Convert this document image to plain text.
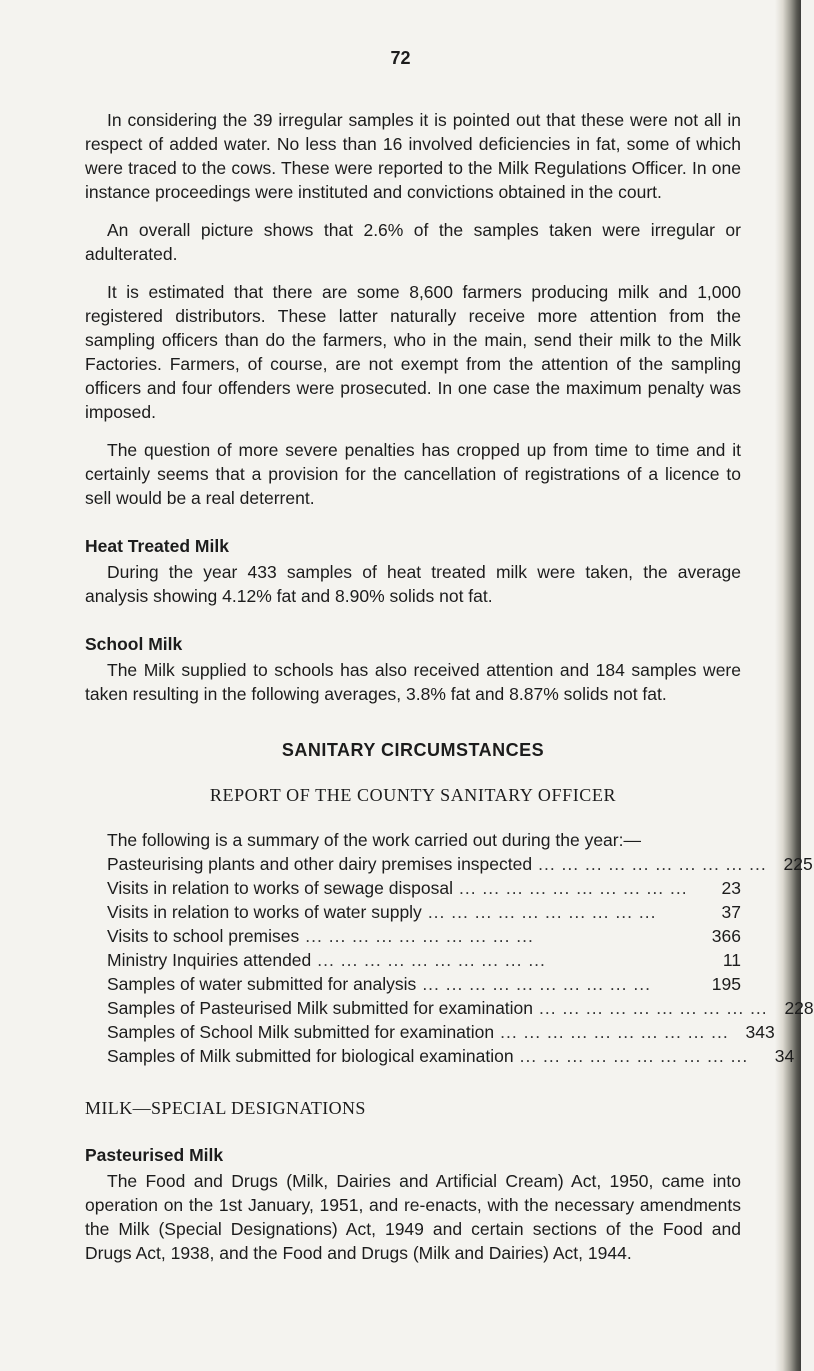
72

In considering the 39 irregular samples it is pointed out that these were not all in respect of added water. No less than 16 involved deficiencies in fat, some of which were traced to the cows. These were reported to the Milk Regulations Officer. In one instance proceedings were instituted and convictions obtained in the court.

An overall picture shows that 2.6% of the samples taken were irregular or adulterated.

It is estimated that there are some 8,600 farmers producing milk and 1,000 registered distributors. These latter naturally receive more attention from the sampling officers than do the farmers, who in the main, send their milk to the Milk Factories. Farmers, of course, are not exempt from the attention of the sampling officers and four offenders were prosecuted. In one case the maximum penalty was imposed.

The question of more severe penalties has cropped up from time to time and it certainly seems that a provision for the cancellation of registrations of a licence to sell would be a real deterrent.

Heat Treated Milk

During the year 433 samples of heat treated milk were taken, the average analysis showing 4.12% fat and 8.90% solids not fat.

School Milk

The Milk supplied to schools has also received attention and 184 samples were taken resulting in the following averages, 3.8% fat and 8.87% solids not fat.

SANITARY CIRCUMSTANCES
REPORT OF THE COUNTY SANITARY OFFICER
The following is a summary of the work carried out during the year:—
Pasteurising plants and other dairy premises inspected ... ... ... ... ... ... ... ... ... ... 225
Visits in relation to works of sewage disposal ... ... ... ... ... ... ... ... ... ...	23
Visits in relation to works of water supply ... ... ... ... ... ... ... ... ... ...	37
Visits to school premises ... ... ... ... ... ... ... ... ... ...	366
Ministry Inquiries attended ... ... ... ... ... ... ... ... ... ...	11
Samples of water submitted for analysis ... ... ... ... ... ... ... ... ... ...	195
Samples of Pasteurised Milk submitted for examination ... ... ... ... ... ... ... ... ... ... 228
Samples of School Milk submitted for examination ... ... ... ... ... ... ... ... ... ... 343
Samples of Milk submitted for biological examination ... ... ... ... ... ... ... ... ... ...	34
MILK—SPECIAL DESIGNATIONS
Pasteurised Milk

The Food and Drugs (Milk, Dairies and Artificial Cream) Act, 1950, came into operation on the 1st January, 1951, and re-enacts, with the necessary amendments the Milk (Special Designations) Act, 1949 and certain sections of the Food and Drugs Act, 1938, and the Food and Drugs (Milk and Dairies) Act, 1944.
